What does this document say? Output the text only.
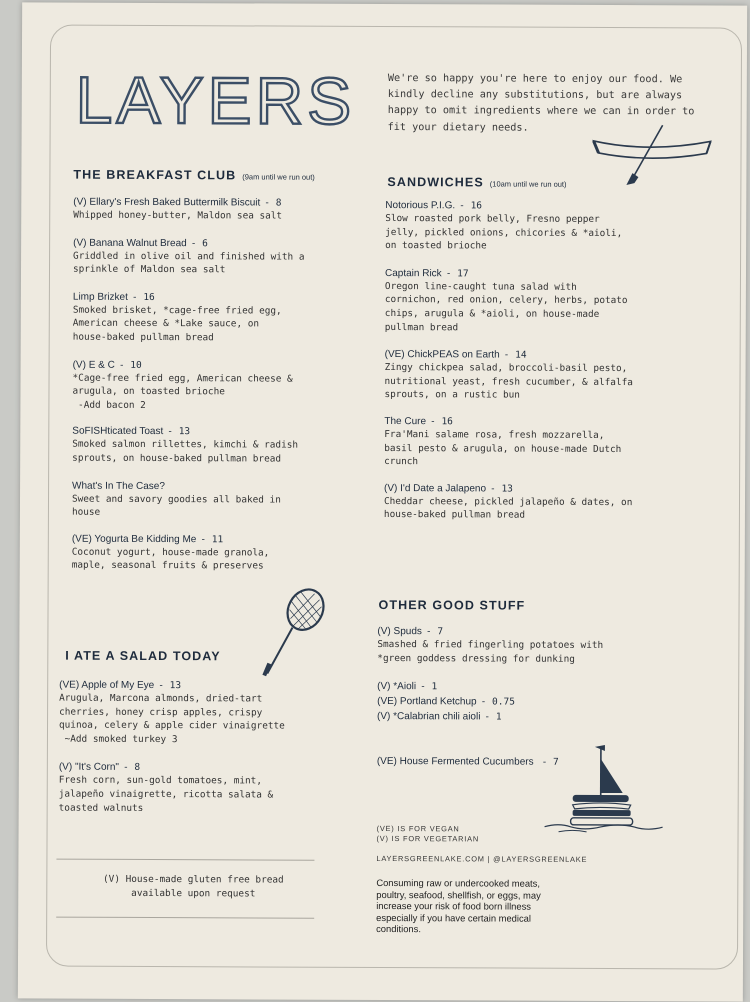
LAYERS	We're so happy you're here to enjoy our food. We kindly decline any substitutions, but are always happy to omit ingredients where we can in order to fit your dietary needs.
THE BREAKFAST CLUB (9am until we run out)
(V) Ellary's Fresh Baked Buttermilk Biscuit - 8
Whipped honey-butter, Maldon sea salt
(V) Banana Walnut Bread - 6
Griddled in olive oil and finished with a
sprinkle of Maldon sea salt
Limp Brizket - 16
Smoked brisket, *cage-free fried egg,
American cheese & *Lake sauce, on
house-baked pullman bread
(V) E & C - 10
*Cage-free fried egg, American cheese &
arugula, on toasted brioche
-Add bacon 2
SoFISHticated Toast - 13
Smoked salmon rillettes, kimchi & radish
sprouts, on house-baked pullman bread
What's In The Case?
Sweet and savory goodies all baked in
house
(VE) Yogurta Be Kidding Me - 11
Coconut yogurt, house-made granola,
maple, seasonal fruits & preserves
I ATE A SALAD TODAY
(VE) Apple of My Eye - 13
Arugula, Marcona almonds, dried-tart
cherries, honey crisp apples, crispy
quinoa, celery & apple cider vinaigrette
~Add smoked turkey 3
(V) "It's Corn" - 8
Fresh corn, sun-gold tomatoes, mint,
jalapeño vinaigrette, ricotta salata &
toasted walnuts
(V) House-made gluten free bread
available upon request
SANDWICHES (10am until we run out)
Notorious P.I.G. - 16
Slow roasted pork belly, Fresno pepper
jelly, pickled onions, chicories & *aioli,
on toasted brioche
Captain Rick - 17
Oregon line-caught tuna salad with
cornichon, red onion, celery, herbs, potato
chips, arugula & *aioli, on house-made
pullman bread
(VE) ChickPEAS on Earth - 14
Zingy chickpea salad, broccoli-basil pesto,
nutritional yeast, fresh cucumber, & alfalfa
sprouts, on a rustic bun
The Cure - 16
Fra'Mani salame rosa, fresh mozzarella,
basil pesto & arugula, on house-made Dutch
crunch
(V) I'd Date a Jalapeno - 13
Cheddar cheese, pickled jalapeño & dates, on
house-baked pullman bread
OTHER GOOD STUFF
(V) Spuds - 7
Smashed & fried fingerling potatoes with
*green goddess dressing for dunking
(V) *Aioli - 1
(VE) Portland Ketchup - 0.75
(V) *Calabrian chili aioli - 1
(VE) House Fermented Cucumbers - 7
(VE) IS FOR VEGAN
(V) IS FOR VEGETARIAN
LAYERSGREENLAKE.COM | @LAYERSGREENLAKE
Consuming raw or undercooked meats,
poultry, seafood, shellfish, or eggs, may
increase your risk of food born illness
especially if you have certain medical
conditions.
